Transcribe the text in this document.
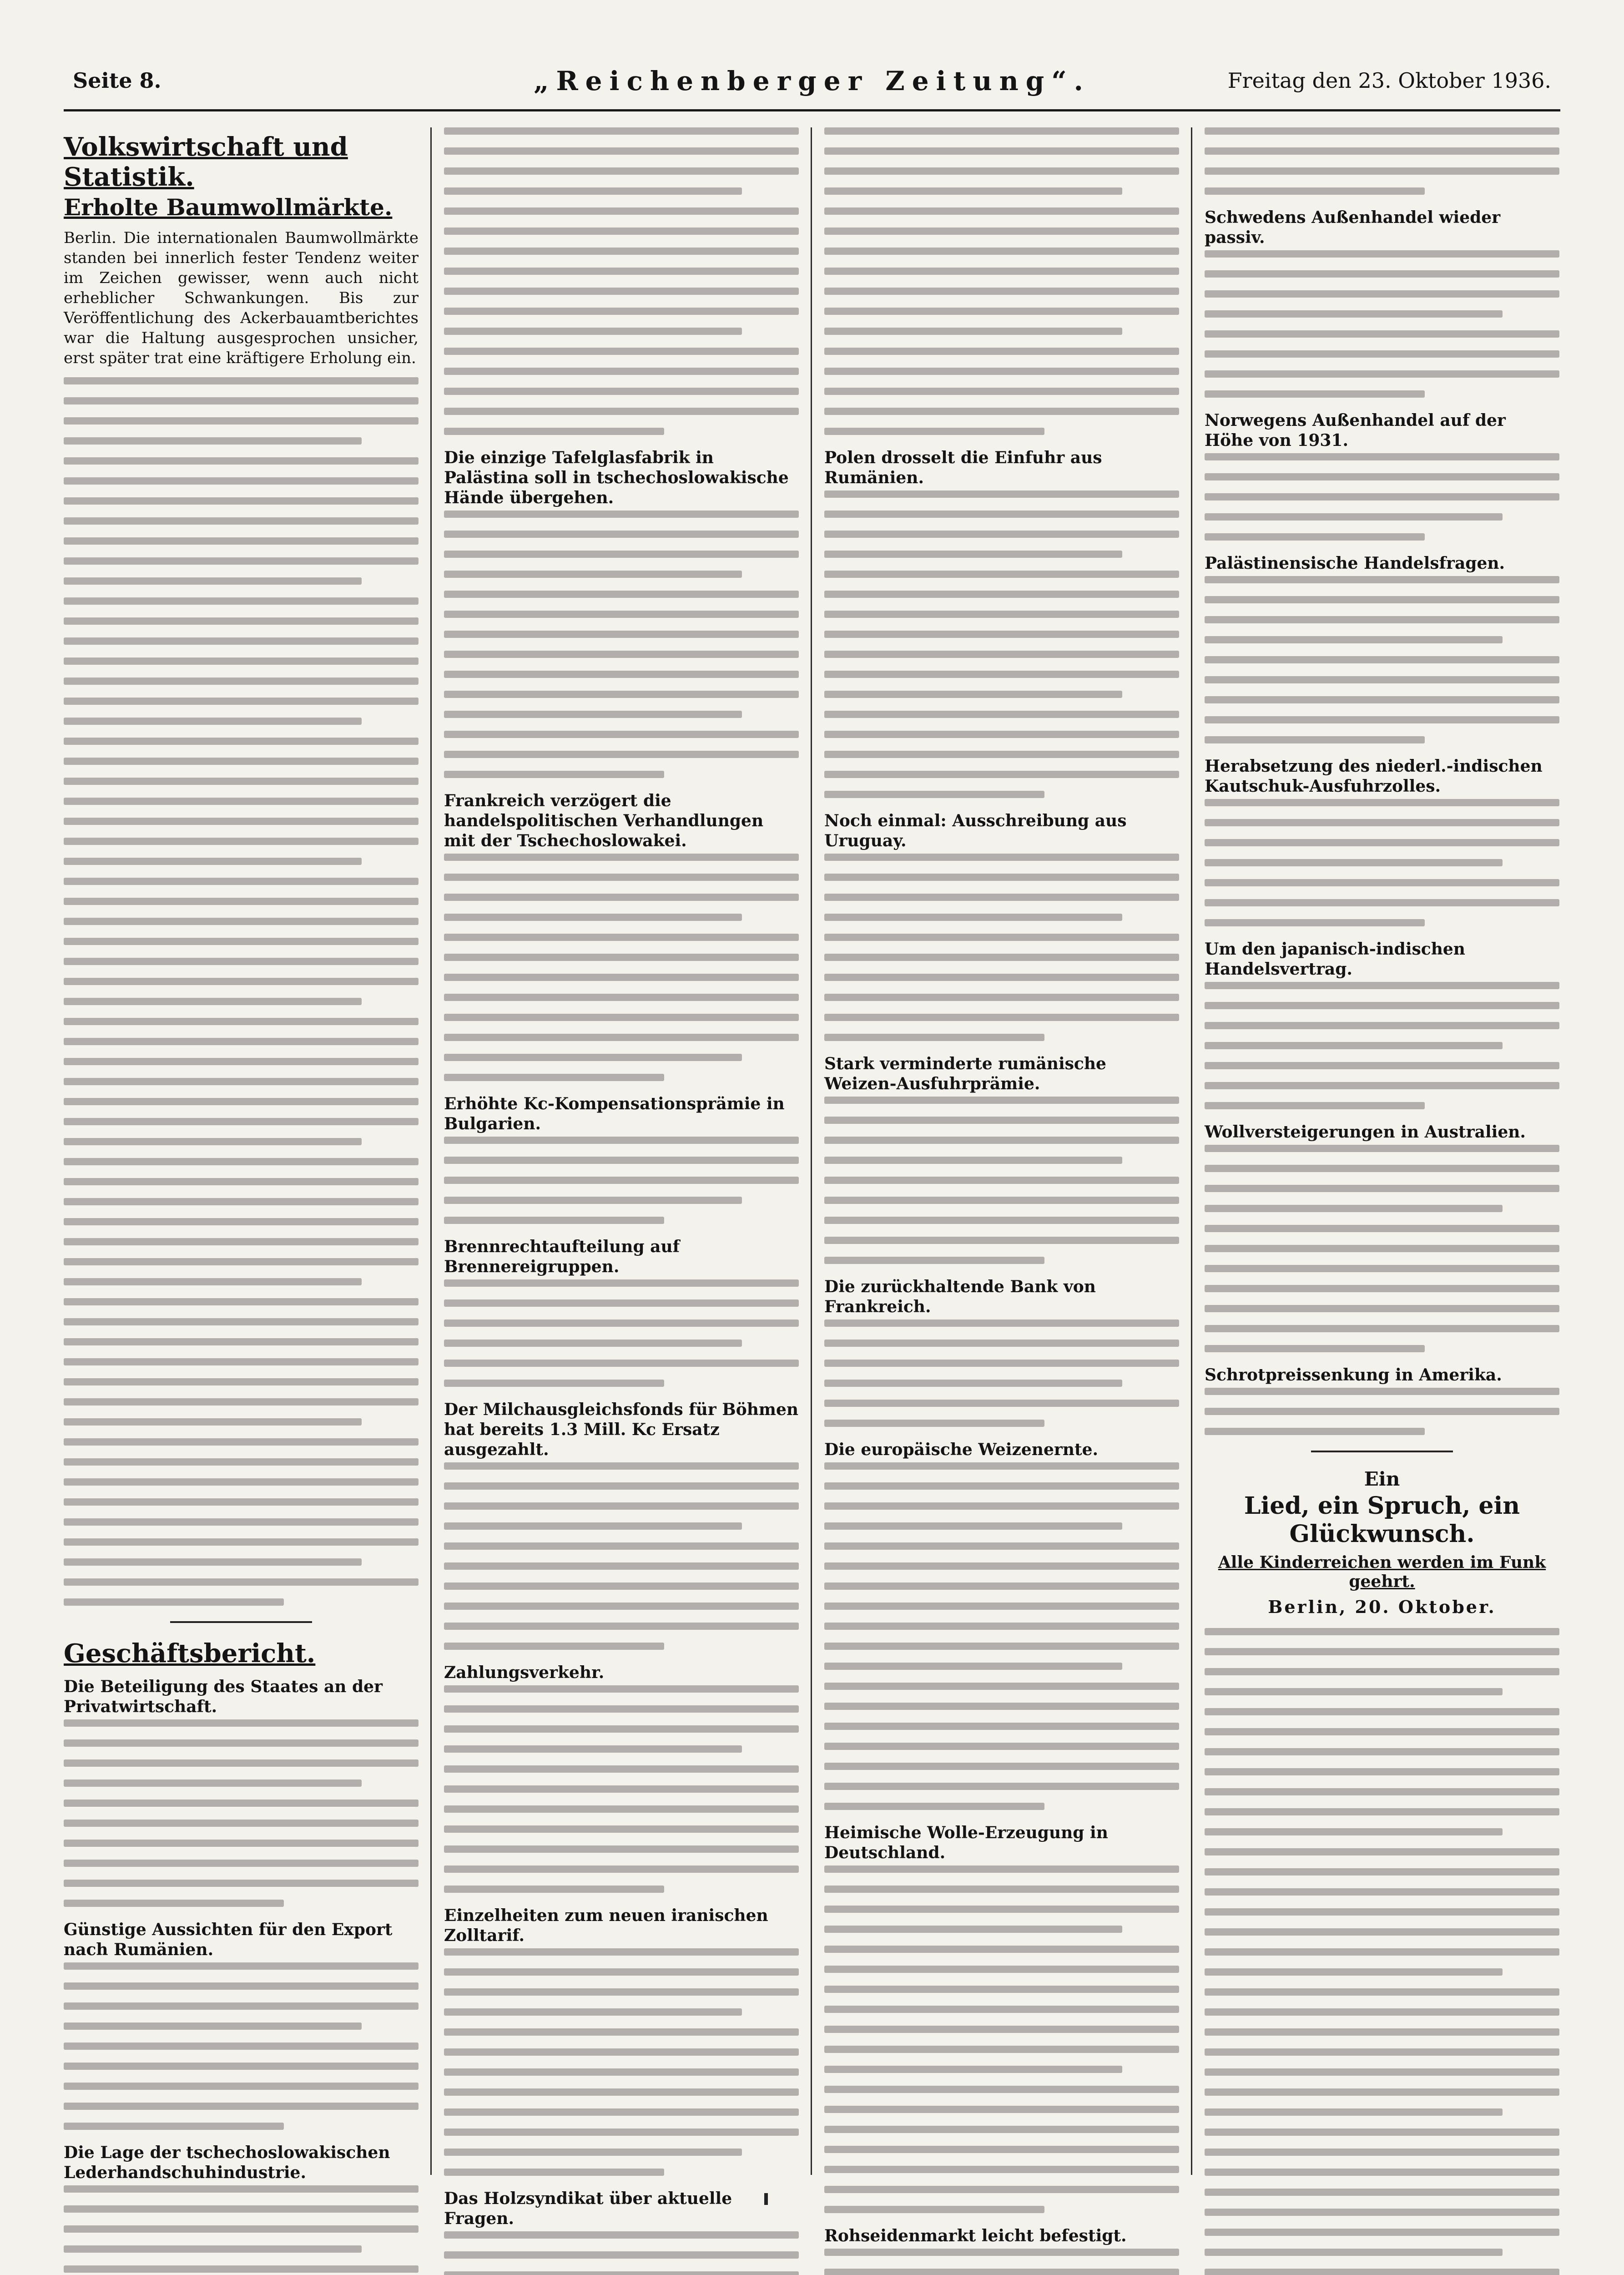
Seite 8.	„Reichenberger Zeitung“.	Freitag den 23. Oktober 1936.
Volkswirtschaft und Statistik.
Erholte Baumwollmärkte.

Berlin. Die internationalen Baumwollmärkte standen bei innerlich fester Tendenz weiter im Zeichen gewisser, wenn auch nicht erheblicher Schwankungen. Bis zur Veröffentlichung des Ackerbauamtberichtes war die Haltung ausgesprochen unsicher, erst später trat eine kräftigere Erholung ein.

Geschäftsbericht.
Die Beteiligung des Staates an der Privatwirtschaft.
Günstige Aussichten für den Export nach Rumänien.
Die Lage der tschechoslowakischen Lederhandschuhindustrie.
Die einzige Tafelglasfabrik in Palästina soll in tschechoslowakische Hände übergehen.
Frankreich verzögert die handelspolitischen Verhandlungen mit der Tschechoslowakei.
Erhöhte Kc-Kompensationsprämie in Bulgarien.
Brennrechtaufteilung auf Brennereigruppen.
Der Milchausgleichsfonds für Böhmen hat bereits 1.3 Mill. Kc Ersatz ausgezahlt.
Zahlungsverkehr.
Einzelheiten zum neuen iranischen Zolltarif.
Das Holzsyndikat über aktuelle Fragen.
Polen drosselt die Einfuhr aus Rumänien.
Noch einmal: Ausschreibung aus Uruguay.
Stark verminderte rumänische Weizen-Ausfuhrprämie.
Die zurückhaltende Bank von Frankreich.
Die europäische Weizenernte.
Heimische Wolle-Erzeugung in Deutschland.
Rohseidenmarkt leicht befestigt.
Schwedens Außenhandel wieder passiv.
Norwegens Außenhandel auf der Höhe von 1931.
Palästinensische Handelsfragen.
Herabsetzung des niederl.-indischen Kautschuk-Ausfuhrzolles.
Um den japanisch-indischen Handelsvertrag.
Wollversteigerungen in Australien.
Schrotpreissenkung in Amerika.
Ein
Lied, ein Spruch, ein Glückwunsch.
Alle Kinderreichen werden im Funk geehrt.
Berlin, 20. Oktober.
